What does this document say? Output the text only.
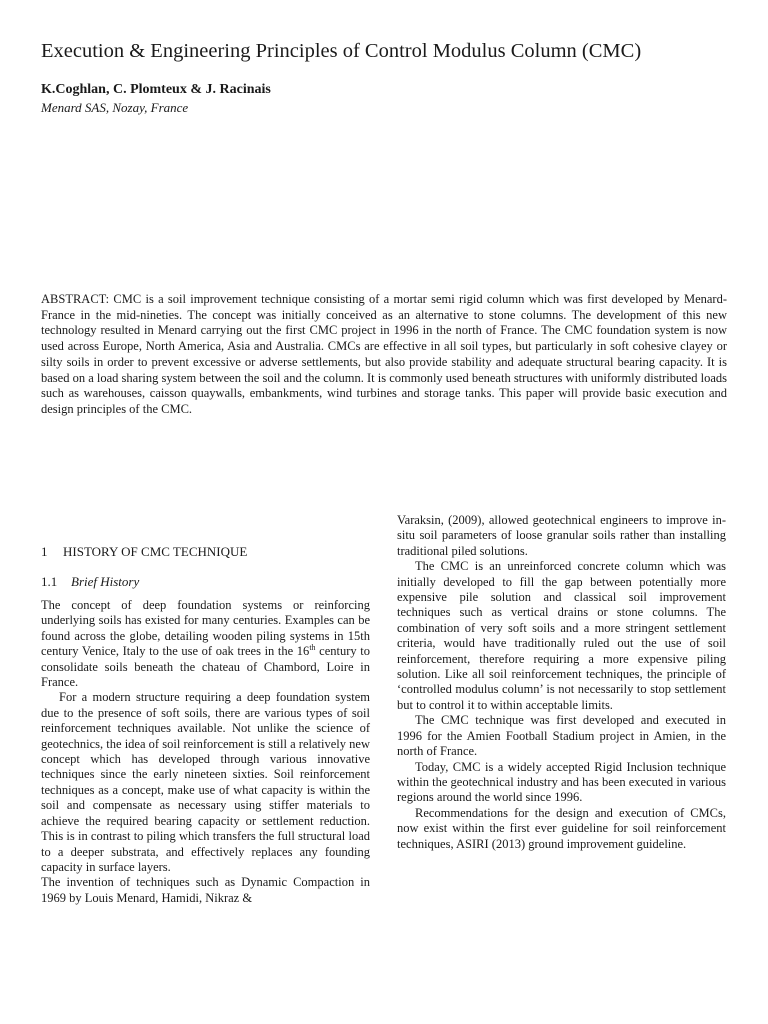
Execution & Engineering Principles of Control Modulus Column (CMC)

K.Coghlan, C. Plomteux & J. Racinais

Menard SAS, Nozay, France

ABSTRACT: CMC is a soil improvement technique consisting of a mortar semi rigid column which was first developed by Menard-France in the mid-nineties. The concept was initially conceived as an alternative to stone columns. The development of this new technology resulted in Menard carrying out the first CMC project in 1996 in the north of France. The CMC foundation system is now used across Europe, North America, Asia and Australia. CMCs are effective in all soil types, but particularly in soft cohesive clayey or silty soils in order to prevent excessive or adverse settlements, but also provide stability and adequate structural bearing capacity. It is based on a load sharing system between the soil and the column. It is commonly used beneath structures with uniformly distributed loads such as warehouses, caisson quaywalls, embankments, wind turbines and storage tanks. This paper will provide basic execution and design principles of the CMC.

1 HISTORY OF CMC TECHNIQUE
1.1 Brief History

The concept of deep foundation systems or reinforcing underlying soils has existed for many centuries. Examples can be found across the globe, detailing wooden piling systems in 15th century Venice, Italy to the use of oak trees in the 16th century to consolidate soils beneath the chateau of Chambord, Loire in France.

For a modern structure requiring a deep foundation system due to the presence of soft soils, there are various types of soil reinforcement techniques available. Not unlike the science of geotechnics, the idea of soil reinforcement is still a relatively new concept which has developed through various innovative techniques since the early nineteen sixties. Soil reinforcement techniques as a concept, make use of what capacity is within the soil and compensate as necessary using stiffer materials to achieve the required bearing capacity or settlement reduction. This is in contrast to piling which transfers the full structural load to a deeper substrata, and effectively replaces any founding capacity in surface layers.

The invention of techniques such as Dynamic Compaction in 1969 by Louis Menard, Hamidi, Nikraz &

Varaksin, (2009), allowed geotechnical engineers to improve in-situ soil parameters of loose granular soils rather than installing traditional piled solutions.

The CMC is an unreinforced concrete column which was initially developed to fill the gap between potentially more expensive pile solution and classical soil improvement techniques such as vertical drains or stone columns. The combination of very soft soils and a more stringent settlement criteria, would have traditionally ruled out the use of soil reinforcement, therefore requiring a more expensive piling solution. Like all soil reinforcement techniques, the principle of ‘controlled modulus column’ is not necessarily to stop settlement but to control it to within acceptable limits.

The CMC technique was first developed and executed in 1996 for the Amien Football Stadium project in Amien, in the north of France.

Today, CMC is a widely accepted Rigid Inclusion technique within the geotechnical industry and has been executed in various regions around the world since 1996.

Recommendations for the design and execution of CMCs, now exist within the first ever guideline for soil reinforcement techniques, ASIRI (2013) ground improvement guideline.
